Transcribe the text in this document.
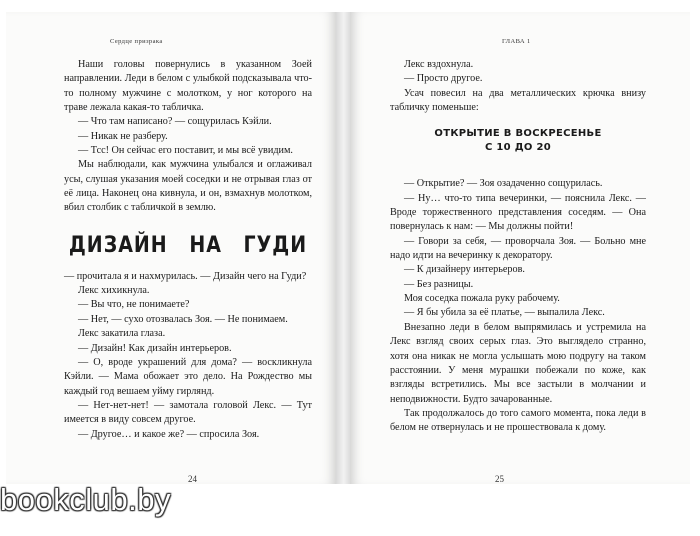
Сердце призрака

Наши головы повернулись в указанном Зоей направлении. Леди в белом с улыбкой подсказывала что-то полному мужчине с молотком, у ног которого на траве лежала какая-то табличка.

— Что там написано? — сощурилась Кэйли.

— Никак не разберу.

— Тсс! Он сейчас его поставит, и мы всё увидим.

Мы наблюдали, как мужчина улыбался и оглаживал усы, слушая указания моей соседки и не отрывая глаз от её лица. Наконец она кивнула, и он, взмахнув молотком, вбил столбик с табличкой в землю.

ДИЗАЙН НА ГУДИ

— прочитала я и нахмурилась. — Дизайн чего на Гуди?

Лекс хихикнула.

— Вы что, не понимаете?

— Нет, — сухо отозвалась Зоя. — Не понимаем.

Лекс закатила глаза.

— Дизайн! Как дизайн интерьеров.

— О, вроде украшений для дома? — воскликнула Кэйли. — Мама обожает это дело. На Рождество мы каждый год вешаем уйму гирлянд.

— Нет-нет-нет! — замотала головой Лекс. — Тут имеется в виду совсем другое.

— Другое… и какое же? — спросила Зоя.

24
ГЛАВА 1

Лекс вздохнула.

— Просто другое.

Усач повесил на два металлических крючка внизу табличку поменьше:

ОТКРЫТИЕ В ВОСКРЕСЕНЬЕ
С 10 ДО 20

— Открытие? — Зоя озадаченно сощурилась.

— Ну… что-то типа вечеринки, — пояснила Лекс. — Вроде торжественного представления соседям. — Она повернулась к нам: — Мы должны пойти!

— Говори за себя, — проворчала Зоя. — Больно мне надо идти на вечеринку к декоратору.

— К дизайнеру интерьеров.

— Без разницы.

Моя соседка пожала руку рабочему.

— Я бы убила за её платье, — выпалила Лекс.

Внезапно леди в белом выпрямилась и устремила на Лекс взгляд своих серых глаз. Это выглядело странно, хотя она никак не могла услышать мою подругу на таком расстоянии. У меня мурашки побежали по коже, как взгляды встретились. Мы все застыли в молчании и неподвижности. Будто зачарованные.

Так продолжалось до того самого момента, пока леди в белом не отвернулась и не прошествовала к дому.

25
bookclub.by
